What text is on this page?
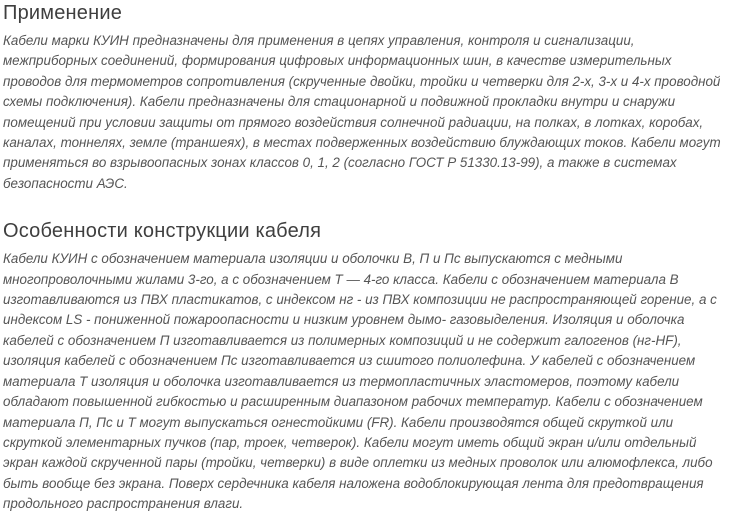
Применение

Кабели марки КУИН предназначены для применения в цепях управления, контроля и сигнализации, межприборных соединений, формирования цифровых информационных шин, в качестве измерительных проводов для термометров сопротивления (скрученные двойки, тройки и четверки для 2-х, 3-х и 4-х проводной схемы подключения). Кабели предназначены для стационарной и подвижной прокладки внутри и снаружи помещений при условии защиты от прямого воздействия солнечной радиации, на полках, в лотках, коробах, каналах, тоннелях, земле (траншеях), в местах подверженных воздействию блуждающих токов. Кабели могут применяться во взрывоопасных зонах классов 0, 1, 2 (согласно ГОСТ Р 51330.13-99), а также в системах безопасности АЭС.

Особенности конструкции кабеля

Кабели КУИН с обозначением материала изоляции и оболочки В, П и Пс выпускаются с медными многопроволочными жилами 3-го, а с обозначением Т — 4-го класса. Кабели с обозначением материала В изготавливаются из ПВХ пластикатов, с индексом нг - из ПВХ композиции не распространяющей горение, а с индексом LS - пониженной пожароопасности и низким уровнем дымо- газовыделения. Изоляция и оболочка кабелей с обозначением П изготавливается из полимерных композиций и не содержит галогенов (нг-HF), изоляция кабелей с обозначением Пс изготавливается из сшитого полиолефина. У кабелей с обозначением материала Т изоляция и оболочка изготавливается из термопластичных эластомеров, поэтому кабели обладают повышенной гибкостью и расширенным диапазоном рабочих температур. Кабели с обозначением материала П, Пс и Т могут выпускаться огнестойкими (FR). Кабели производятся общей скруткой или скруткой элементарных пучков (пар, троек, четверок). Кабели могут иметь общий экран и/или отдельный экран каждой скрученной пары (тройки, четверки) в виде оплетки из медных проволок или алюмофлекса, либо быть вообще без экрана. Поверх сердечника кабеля наложена водоблокирующая лента для предотвращения продольного распространения влаги.
